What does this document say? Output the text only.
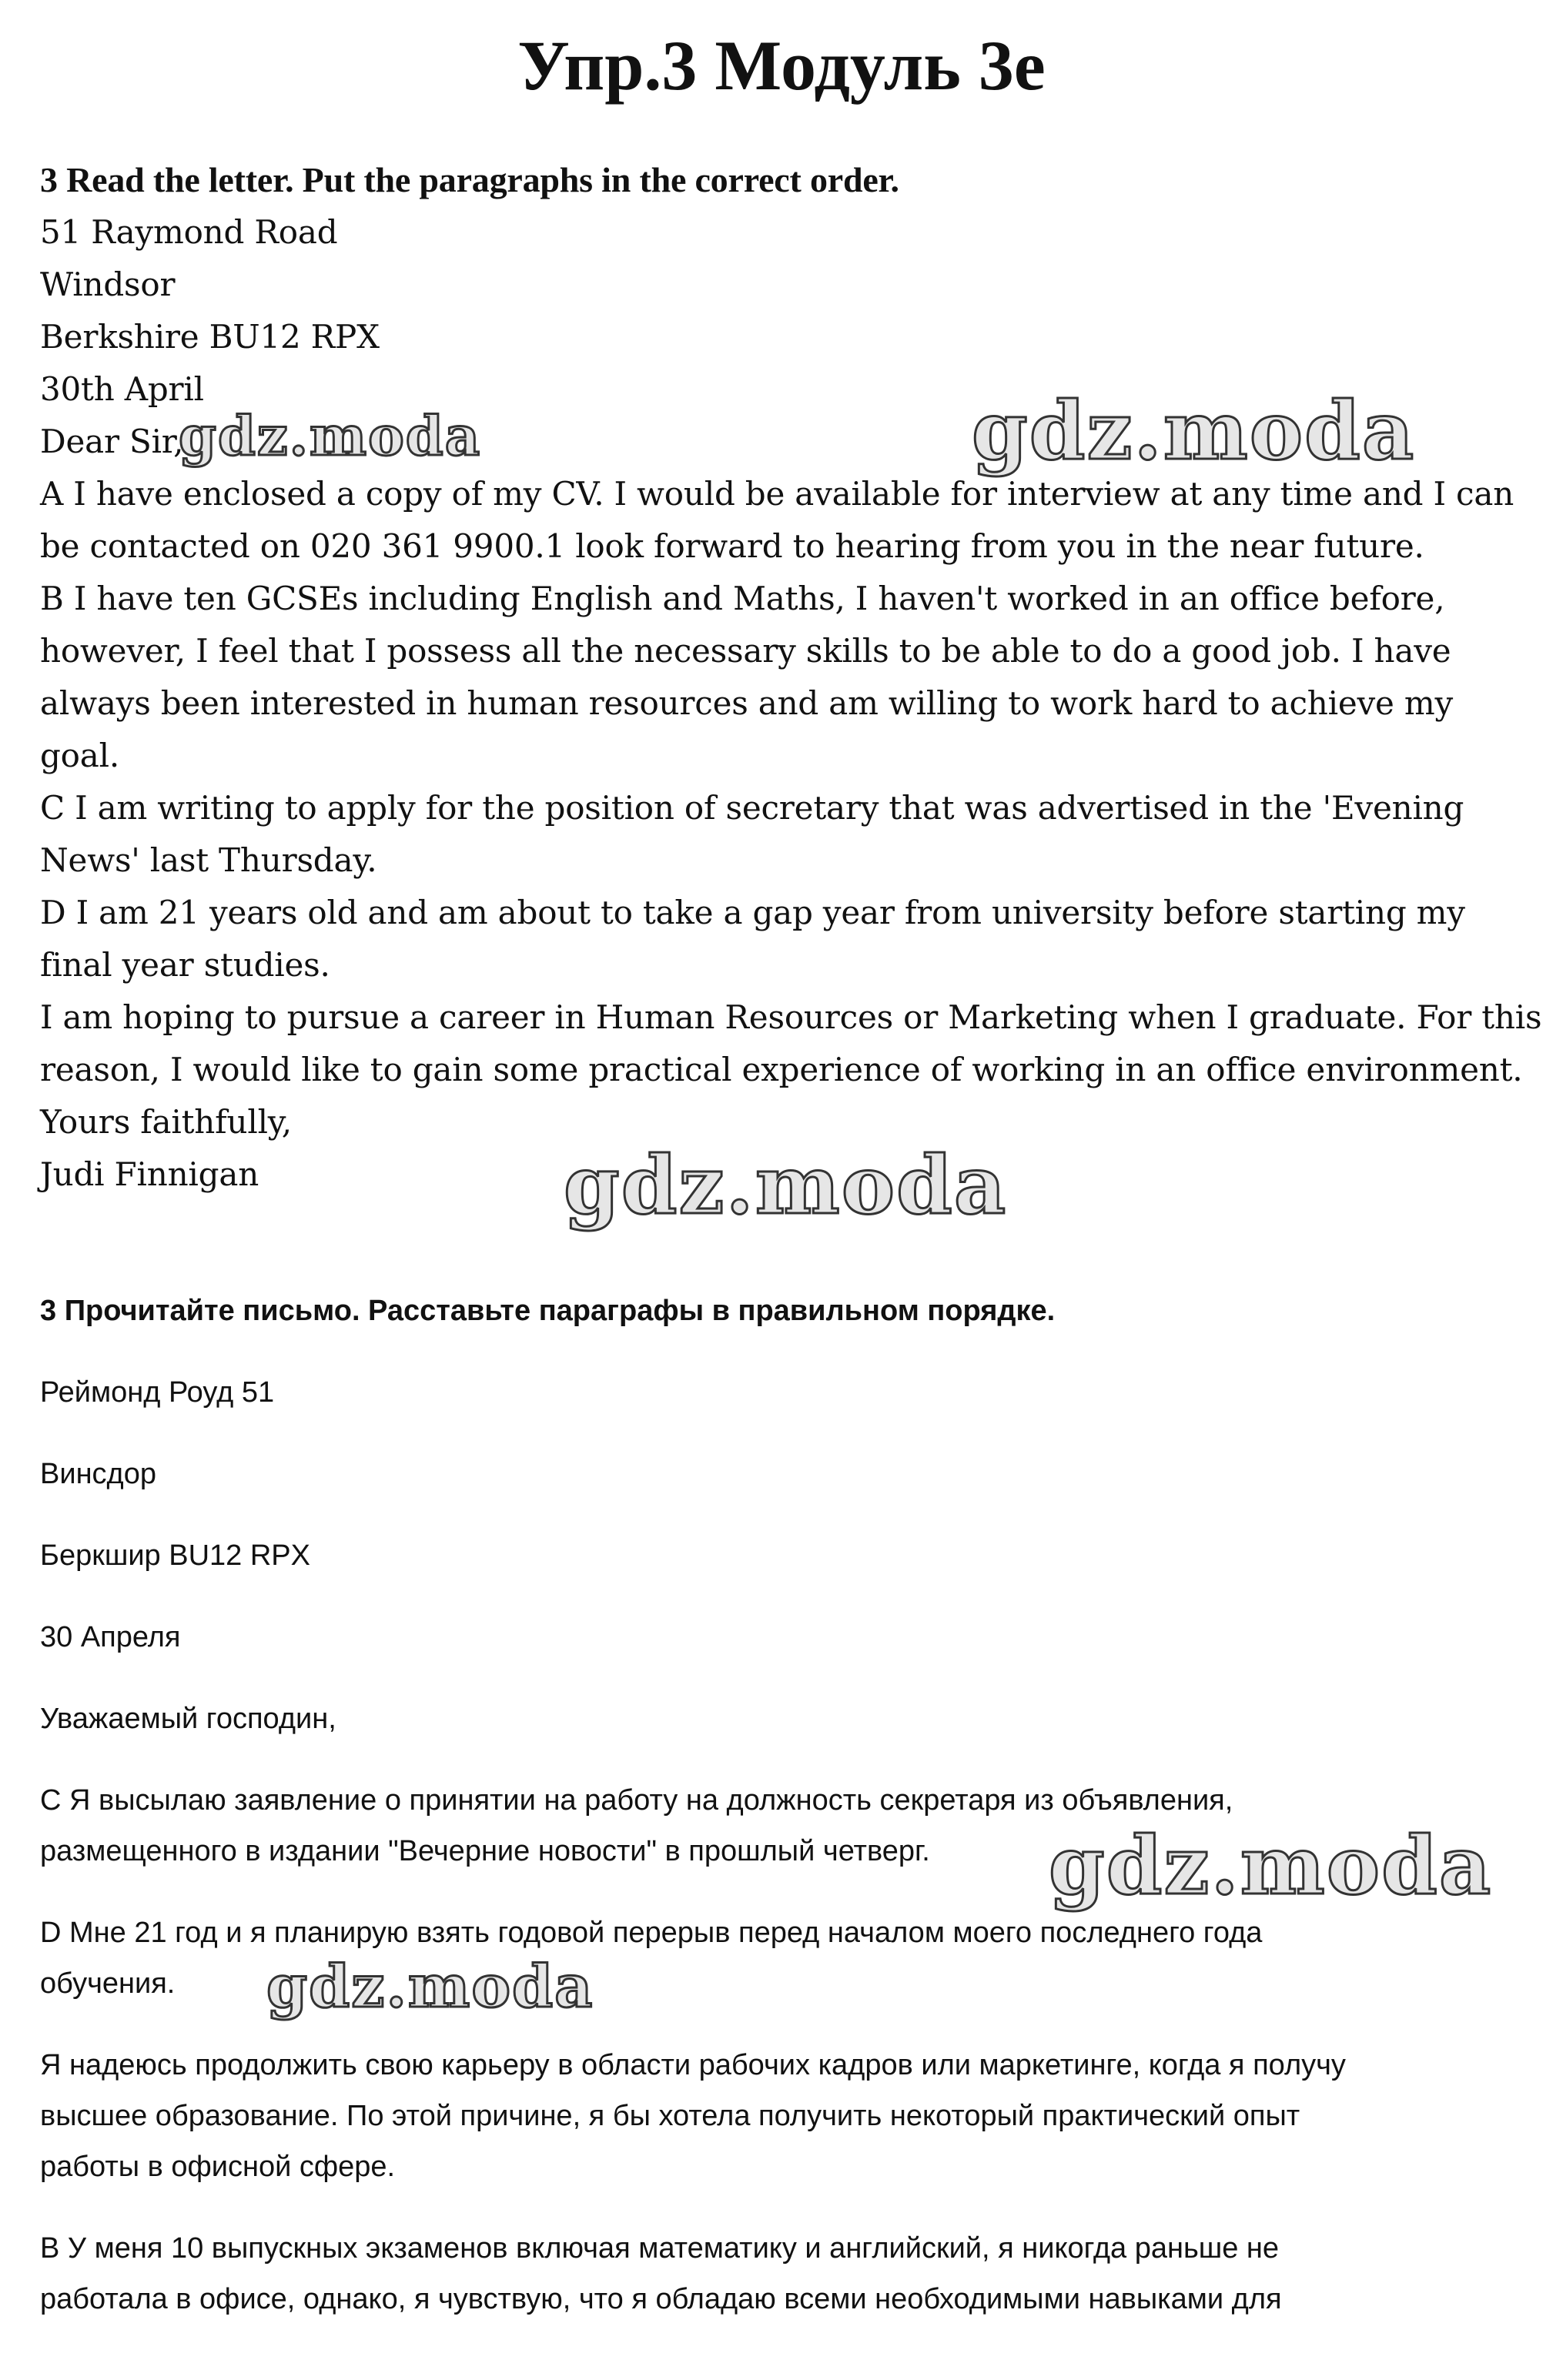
Упр.3 Модуль 3е
3 Read the letter. Put the paragraphs in the correct order.
51 Raymond Road
Windsor
Berkshire BU12 RPX
30th April
Dear Sir,
A I have enclosed a copy of my CV. I would be available for interview at any time and I can
be contacted on 020 361 9900.1 look forward to hearing from you in the near future.
B I have ten GCSEs including English and Maths, I haven't worked in an office before,
however, I feel that I possess all the necessary skills to be able to do a good job. I have
always been interested in human resources and am willing to work hard to achieve my
goal.
C I am writing to apply for the position of secretary that was advertised in the 'Evening
News' last Thursday.
D I am 21 years old and am about to take a gap year from university before starting my
final year studies.
I am hoping to pursue a career in Human Resources or Marketing when I graduate. For this
reason, I would like to gain some practical experience of working in an office environment.
Yours faithfully,
Judi Finnigan
3 Прочитайте письмо. Расставьте параграфы в правильном порядке.
Реймонд Роуд 51
Винсдор
Беркшир BU12 RPX
30 Апреля
Уважаемый господин,
С Я высылаю заявление о принятии на работу на должность секретаря из объявления,
размещенного в издании "Вечерние новости" в прошлый четверг.
D Мне 21 год и я планирую взять годовой перерыв перед началом моего последнего года
обучения.
Я надеюсь продолжить свою карьеру в области рабочих кадров или маркетинге, когда я получу
высшее образование. По этой причине, я бы хотела получить некоторый практический опыт
работы в офисной сфере.
В У меня 10 выпускных экзаменов включая математику и английский, я никогда раньше не
работала в офисе, однако, я чувствую, что я обладаю всеми необходимыми навыками для
gdz.moda	gdz.moda
gdz.moda
gdz.moda
gdz.moda
